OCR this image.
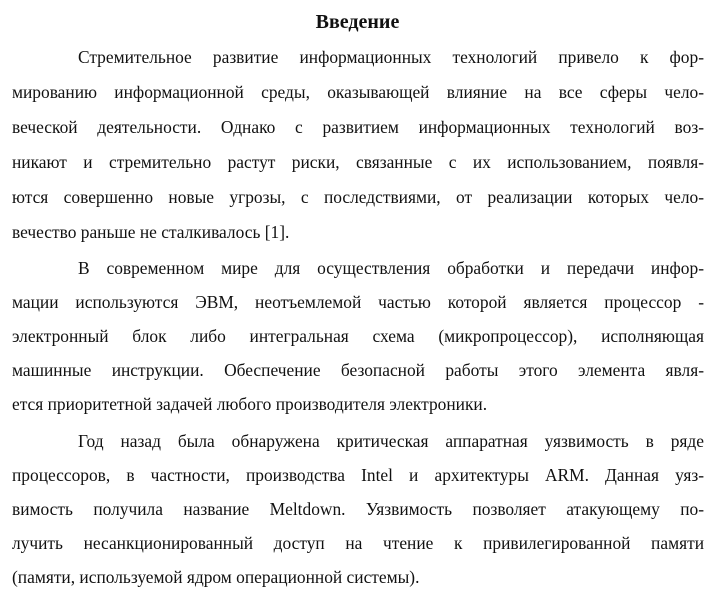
Введение
Стремительное развитие информационных технологий привело к фор-
мированию информационной среды, оказывающей влияние на все сферы чело-
веческой деятельности. Однако с развитием информационных технологий воз-
никают и стремительно растут риски, связанные с их использованием, появля-
ются совершенно новые угрозы, с последствиями, от реализации которых чело-
вечество раньше не сталкивалось [1].
В современном мире для осуществления обработки и передачи инфор-
мации используются ЭВМ, неотъемлемой частью которой является процессор -
электронный блок либо интегральная схема (микропроцессор), исполняющая
машинные инструкции. Обеспечение безопасной работы этого элемента явля-
ется приоритетной задачей любого производителя электроники.
Год назад была обнаружена критическая аппаратная уязвимость в ряде
процессоров, в частности, производства Intel и архитектуры ARM. Данная уяз-
вимость получила название Meltdown. Уязвимость позволяет атакующему по-
лучить несанкционированный доступ на чтение к привилегированной памяти
(памяти, используемой ядром операционной системы).
